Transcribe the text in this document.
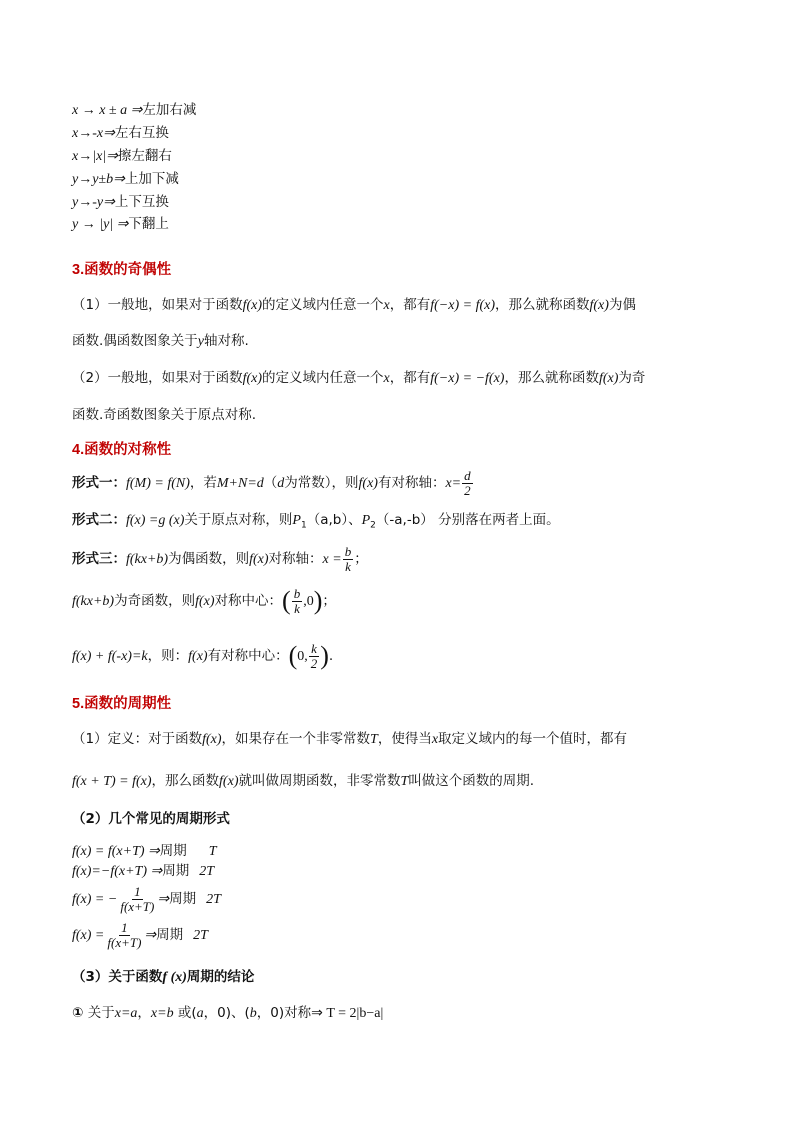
x → x ± a ⇒左加右减
x→-x⇒左右互换
x→|x|⇒擦左翻右
y→y±b⇒上加下减
y→-y⇒上下互换
y → |y| ⇒下翻上
3.函数的奇偶性
（1）一般地，如果对于函数f(x)的定义域内任意一个x，都有f(−x) = f(x)，那么就称函数f(x)为偶
函数.偶函数图象关于y轴对称.
（2）一般地，如果对于函数f(x)的定义域内任意一个x，都有f(−x) = −f(x)，那么就称函数f(x)为奇
函数.奇函数图象关于原点对称.
4.函数的对称性
形式一：f(M) = f(N)，若M+N=d（d为常数），则f(x)有对称轴：$x= \frac{d}{2}$
形式二：f(x) =g (x)关于原点对称，则$P_1(a,b)$、$P_2(-a,-b)$ 分别落在两者上面。
形式三：f(kx+b)为偶函数，则f(x)对称轴：$x = \frac{b}{k}$ ；
f(kx+b)为奇函数，则f(x)对称中心：( $\frac{b}{k} ,0$)；
f(x) + f(-x)=k，则：f(x)有对称中心：(0, $\frac{k}{2}$ ).
5.函数的周期性
（1）定义：对于函数f(x)，如果存在一个非零常数T，使得当x取定义域内的每一个值时，都有
f(x + T) = f(x)，那么函数f(x)就叫做周期函数，非零常数T叫做这个函数的周期.
（2）几个常见的周期形式
f(x) = f(x+T) ⇒周期 T
f(x)=−f(x+T) ⇒周期 2T
f(x) = − $\frac{1}{f(x+T)}$ ⇒周期 2T
$f(x) = \frac{1}{f(x+T)}$ ⇒周期 2T
（3）关于函数f (x)周期的结论
① 关于x=a，x=b 或(a，0)、(b，0)对称⇒ T = 2|b−a|
